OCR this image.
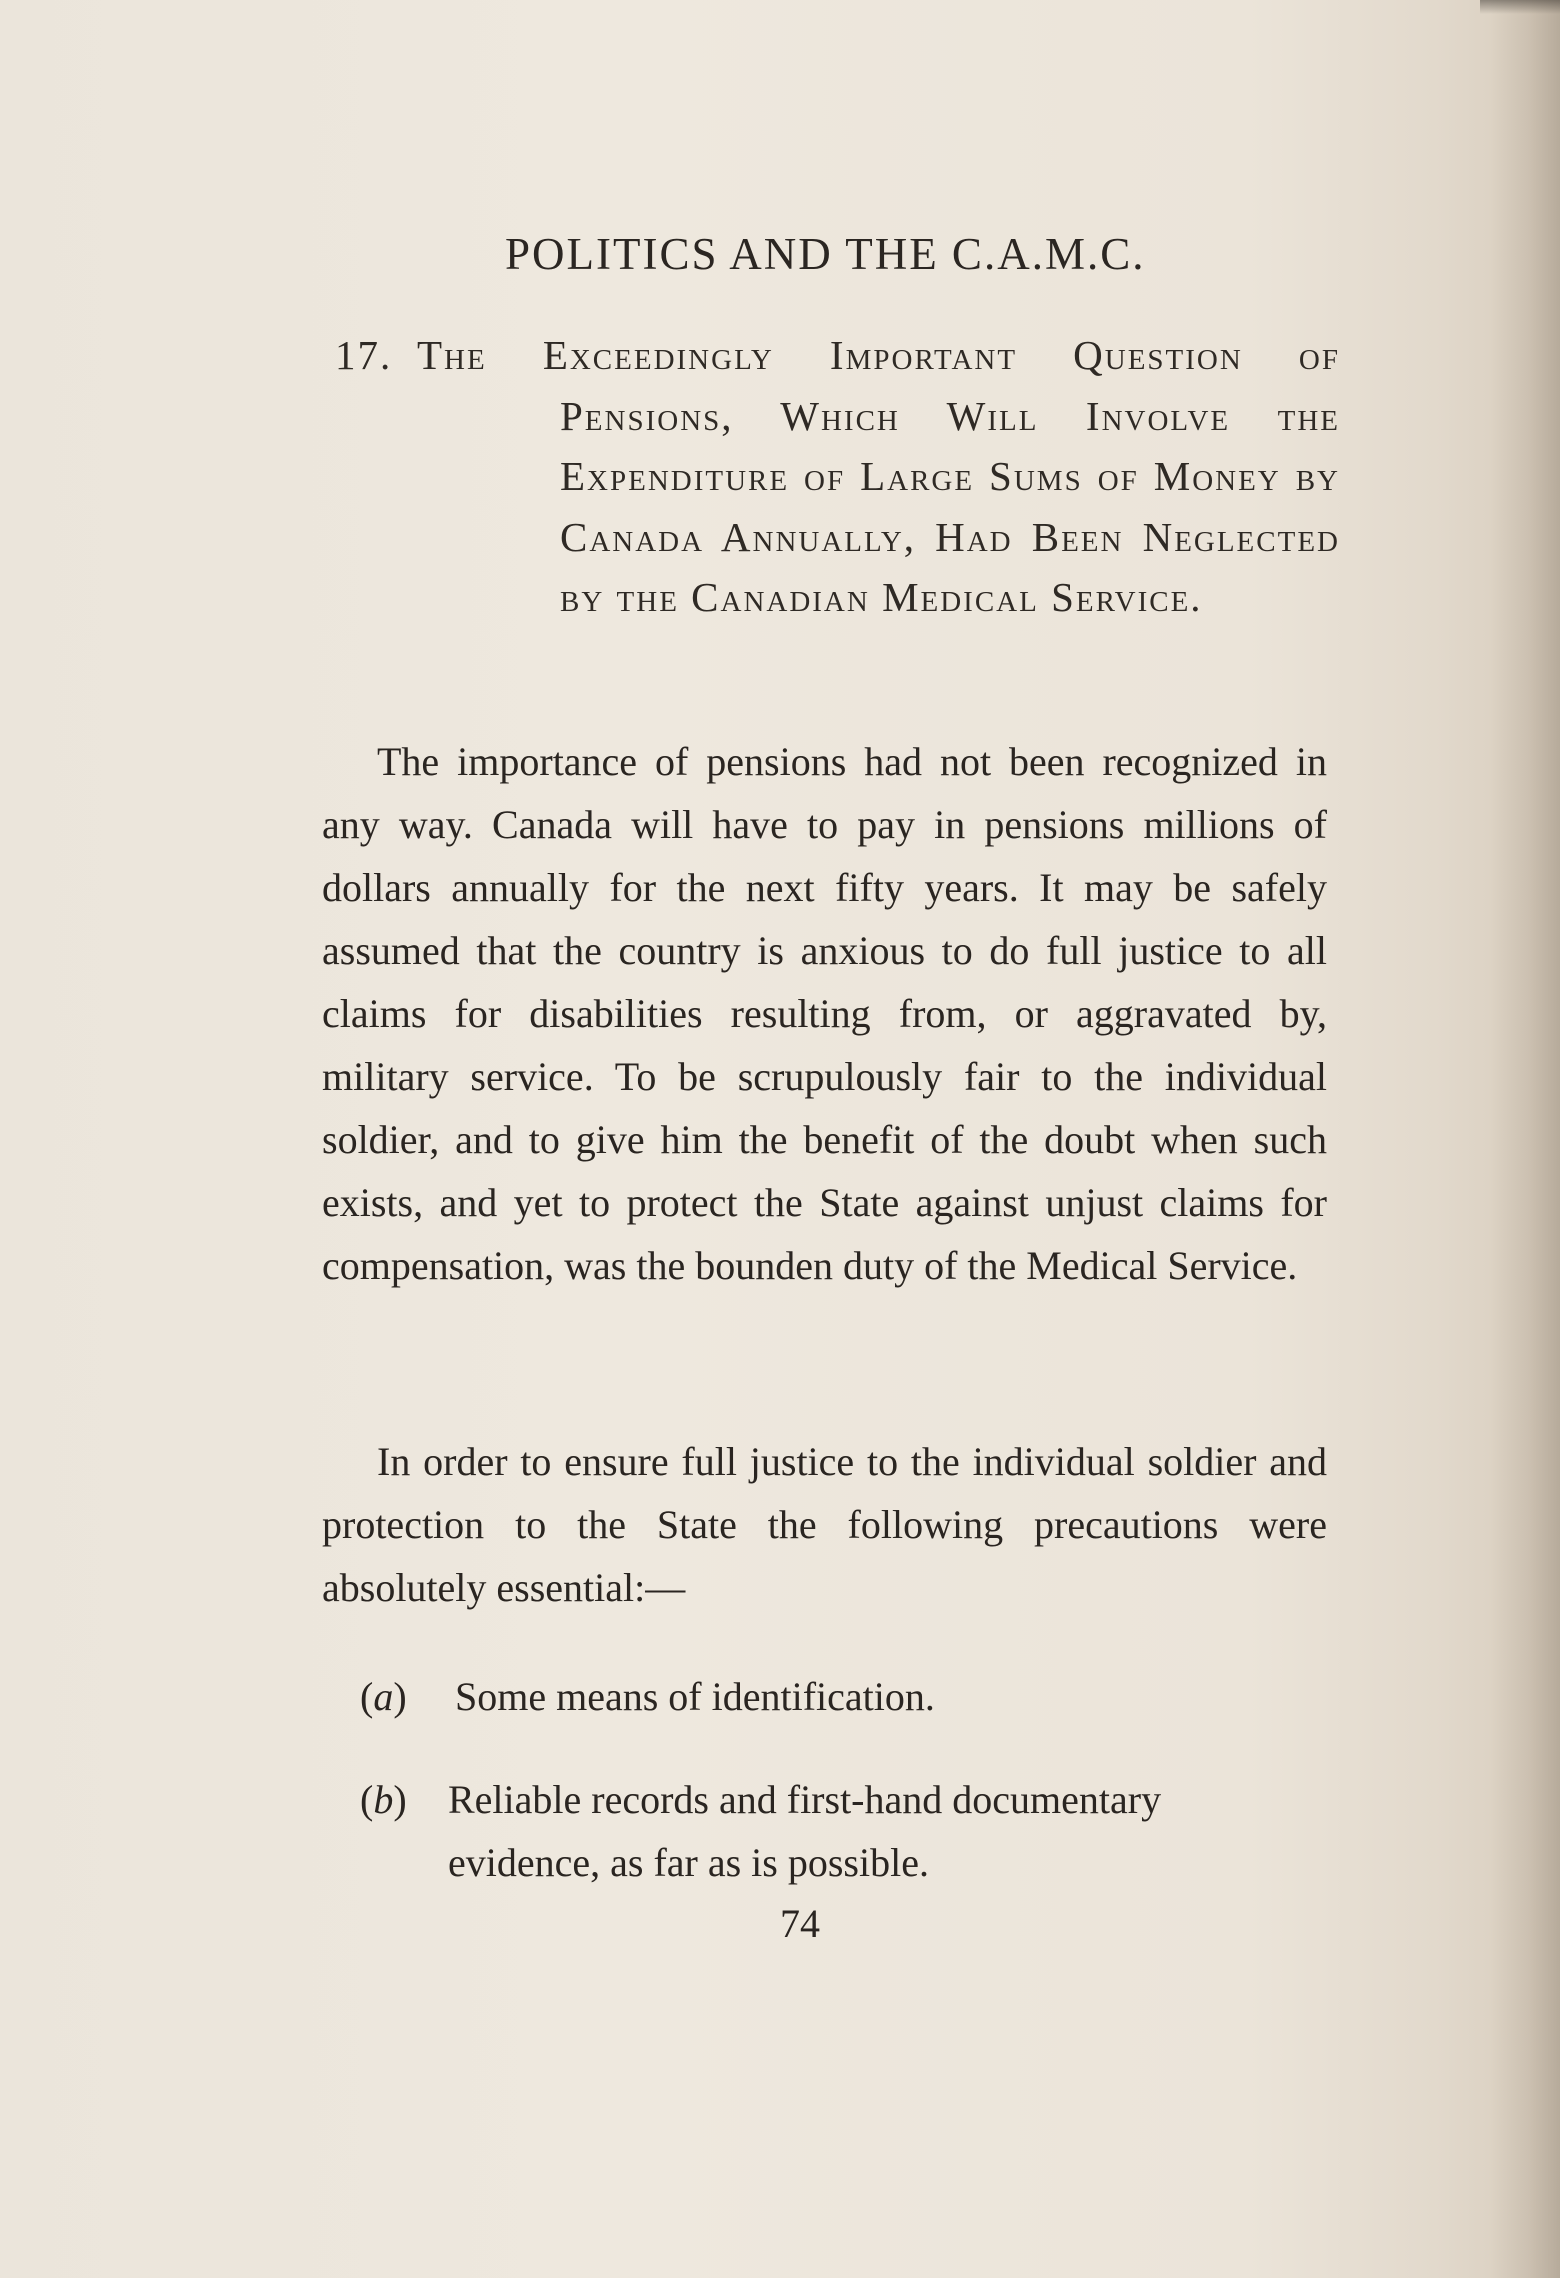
POLITICS AND THE C.A.M.C.
17. The Exceedingly Important Question of Pensions, Which Will Involve the Expenditure of Large Sums of Money by Canada Annually, Had Been Neglected by the Canadian Medical Service.
The importance of pensions had not been recognized in any way. Canada will have to pay in pensions millions of dollars annually for the next fifty years. It may be safely assumed that the country is anxious to do full justice to all claims for disabilities resulting from, or aggravated by, military service. To be scrupulously fair to the individual soldier, and to give him the benefit of the doubt when such exists, and yet to protect the State against unjust claims for compensation, was the bounden duty of the Medical Service.
In order to ensure full justice to the individual soldier and protection to the State the following precautions were absolutely essential:—
(a) Some means of identification.
(b) Reliable records and first-hand documentary evidence, as far as is possible.
74
